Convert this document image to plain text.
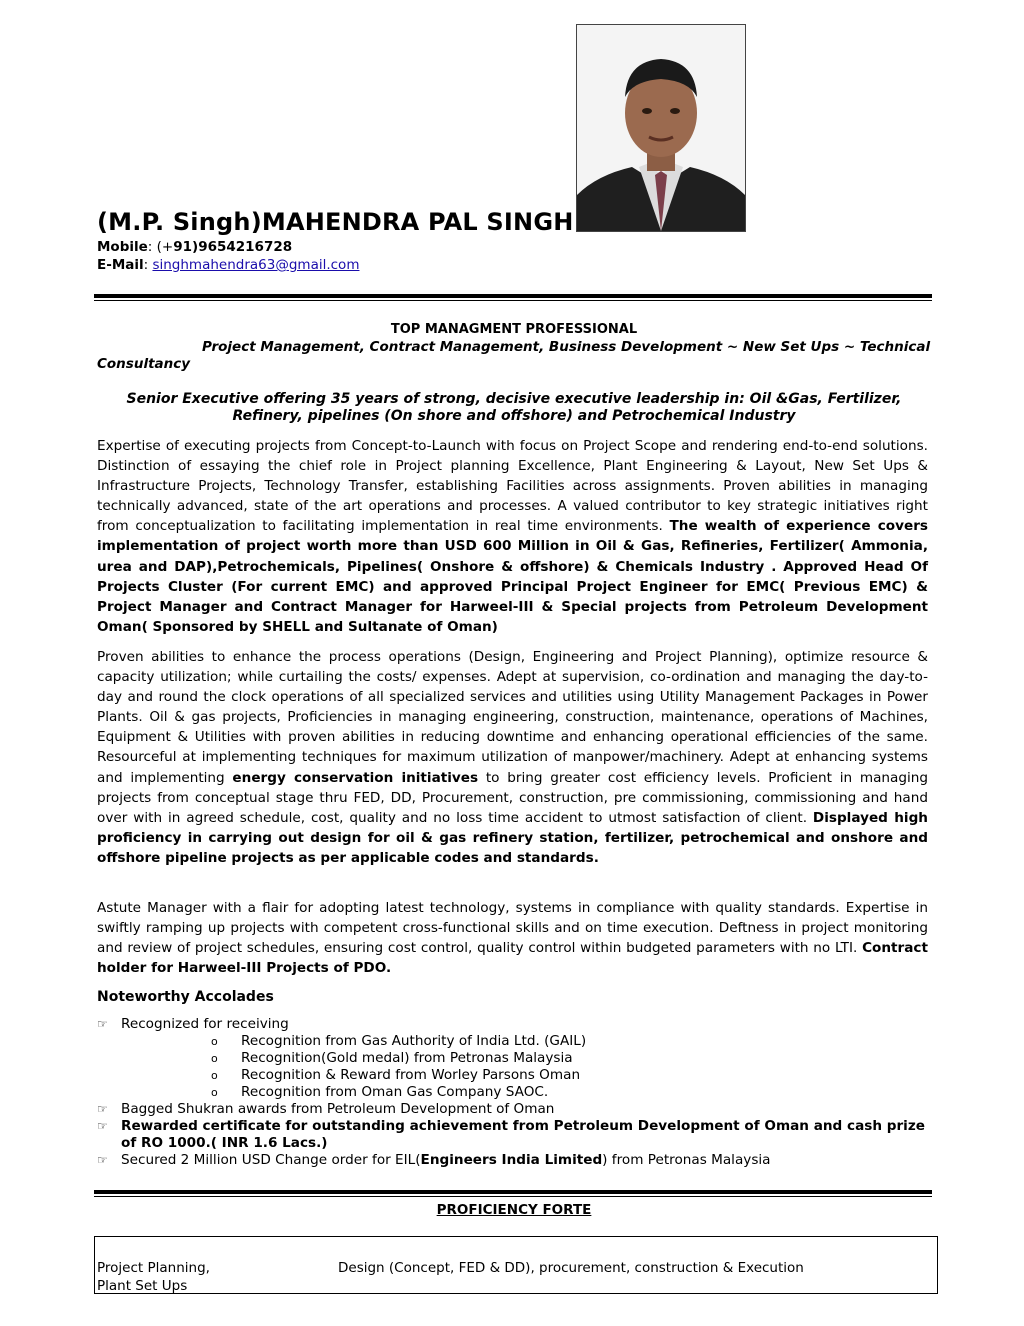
(M.P. Singh)MAHENDRA PAL SINGH
Mobile: (+91)9654216728
E-Mail: singhmahendra63@gmail.com
TOP MANAGMENT PROFESSIONAL
Project Management, Contract Management, Business Development ~ New Set Ups ~ Technical Consultancy
Senior Executive offering 35 years of strong, decisive executive leadership in: Oil &Gas, Fertilizer, Refinery, pipelines (On shore and offshore) and Petrochemical Industry
Expertise of executing projects from Concept-to-Launch with focus on Project Scope and rendering end-to-end solutions. Distinction of essaying the chief role in Project planning Excellence, Plant Engineering & Layout, New Set Ups & Infrastructure Projects, Technology Transfer, establishing Facilities across assignments. Proven abilities in managing technically advanced, state of the art operations and processes. A valued contributor to key strategic initiatives right from conceptualization to facilitating implementation in real time environments. The wealth of experience covers implementation of project worth more than USD 600 Million in Oil & Gas, Refineries, Fertilizer( Ammonia, urea and DAP),Petrochemicals, Pipelines( Onshore & offshore) & Chemicals Industry . Approved Head Of Projects Cluster (For current EMC) and approved Principal Project Engineer for EMC( Previous EMC) & Project Manager and Contract Manager for Harweel-III & Special projects from Petroleum Development Oman( Sponsored by SHELL and Sultanate of Oman)
Proven abilities to enhance the process operations (Design, Engineering and Project Planning), optimize resource & capacity utilization; while curtailing the costs/ expenses. Adept at supervision, co-ordination and managing the day-to-day and round the clock operations of all specialized services and utilities using Utility Management Packages in Power Plants. Oil & gas projects, Proficiencies in managing engineering, construction, maintenance, operations of Machines, Equipment & Utilities with proven abilities in reducing downtime and enhancing operational efficiencies of the same. Resourceful at implementing techniques for maximum utilization of manpower/machinery. Adept at enhancing systems and implementing energy conservation initiatives to bring greater cost efficiency levels. Proficient in managing projects from conceptual stage thru FED, DD, Procurement, construction, pre commissioning, commissioning and hand over with in agreed schedule, cost, quality and no loss time accident to utmost satisfaction of client. Displayed high proficiency in carrying out design for oil & gas refinery station, fertilizer, petrochemical and onshore and offshore pipeline projects as per applicable codes and standards.
Astute Manager with a flair for adopting latest technology, systems in compliance with quality standards. Expertise in swiftly ramping up projects with competent cross-functional skills and on time execution. Deftness in project monitoring and review of project schedules, ensuring cost control, quality control within budgeted parameters with no LTI. Contract holder for Harweel-III Projects of PDO.
Noteworthy Accolades
☞ Recognized for receiving
o Recognition from Gas Authority of India Ltd. (GAIL)
o Recognition(Gold medal) from Petronas Malaysia
o Recognition & Reward from Worley Parsons Oman
o Recognition from Oman Gas Company SAOC.
☞ Bagged Shukran awards from Petroleum Development of Oman
☞ Rewarded certificate for outstanding achievement from Petroleum Development of Oman and cash prize of RO 1000.( INR 1.6 Lacs.)
☞ Secured 2 Million USD Change order for EIL(Engineers India Limited) from Petronas Malaysia
PROFICIENCY FORTE
Project Planning,
Plant Set Ups
Design (Concept, FED & DD), procurement, construction & Execution
